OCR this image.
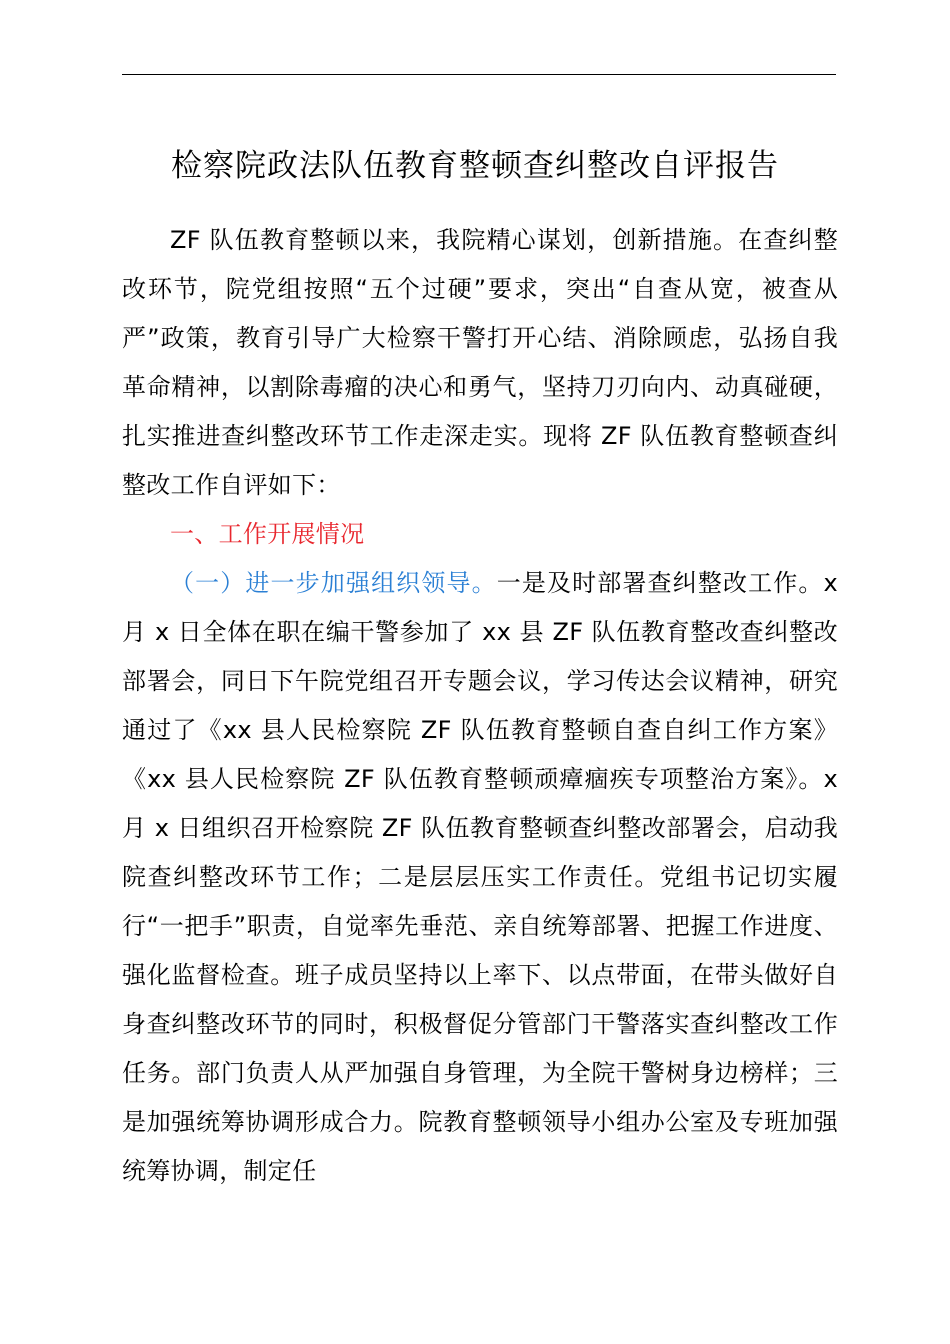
检察院政法队伍教育整顿查纠整改自评报告

ZF 队伍教育整顿以来，我院精心谋划，创新措施。在查纠整改环节，院党组按照“五个过硬”要求，突出“自查从宽，被查从严”政策，教育引导广大检察干警打开心结、消除顾虑，弘扬自我革命精神，以割除毒瘤的决心和勇气，坚持刀刃向内、动真碰硬，扎实推进查纠整改环节工作走深走实。现将 ZF 队伍教育整顿查纠整改工作自评如下：

一、工作开展情况

（一）进一步加强组织领导。一是及时部署查纠整改工作。x 月 x 日全体在职在编干警参加了 xx 县 ZF 队伍教育整改查纠整改部署会，同日下午院党组召开专题会议，学习传达会议精神，研究通过了《xx 县人民检察院 ZF 队伍教育整顿自查自纠工作方案》《xx 县人民检察院 ZF 队伍教育整顿顽瘴痼疾专项整治方案》。x 月 x 日组织召开检察院 ZF 队伍教育整顿查纠整改部署会，启动我院查纠整改环节工作；二是层层压实工作责任。党组书记切实履行“一把手”职责，自觉率先垂范、亲自统筹部署、把握工作进度、强化监督检查。班子成员坚持以上率下、以点带面，在带头做好自身查纠整改环节的同时，积极督促分管部门干警落实查纠整改工作任务。部门负责人从严加强自身管理，为全院干警树身边榜样；三是加强统筹协调形成合力。院教育整顿领导小组办公室及专班加强统筹协调，制定任
